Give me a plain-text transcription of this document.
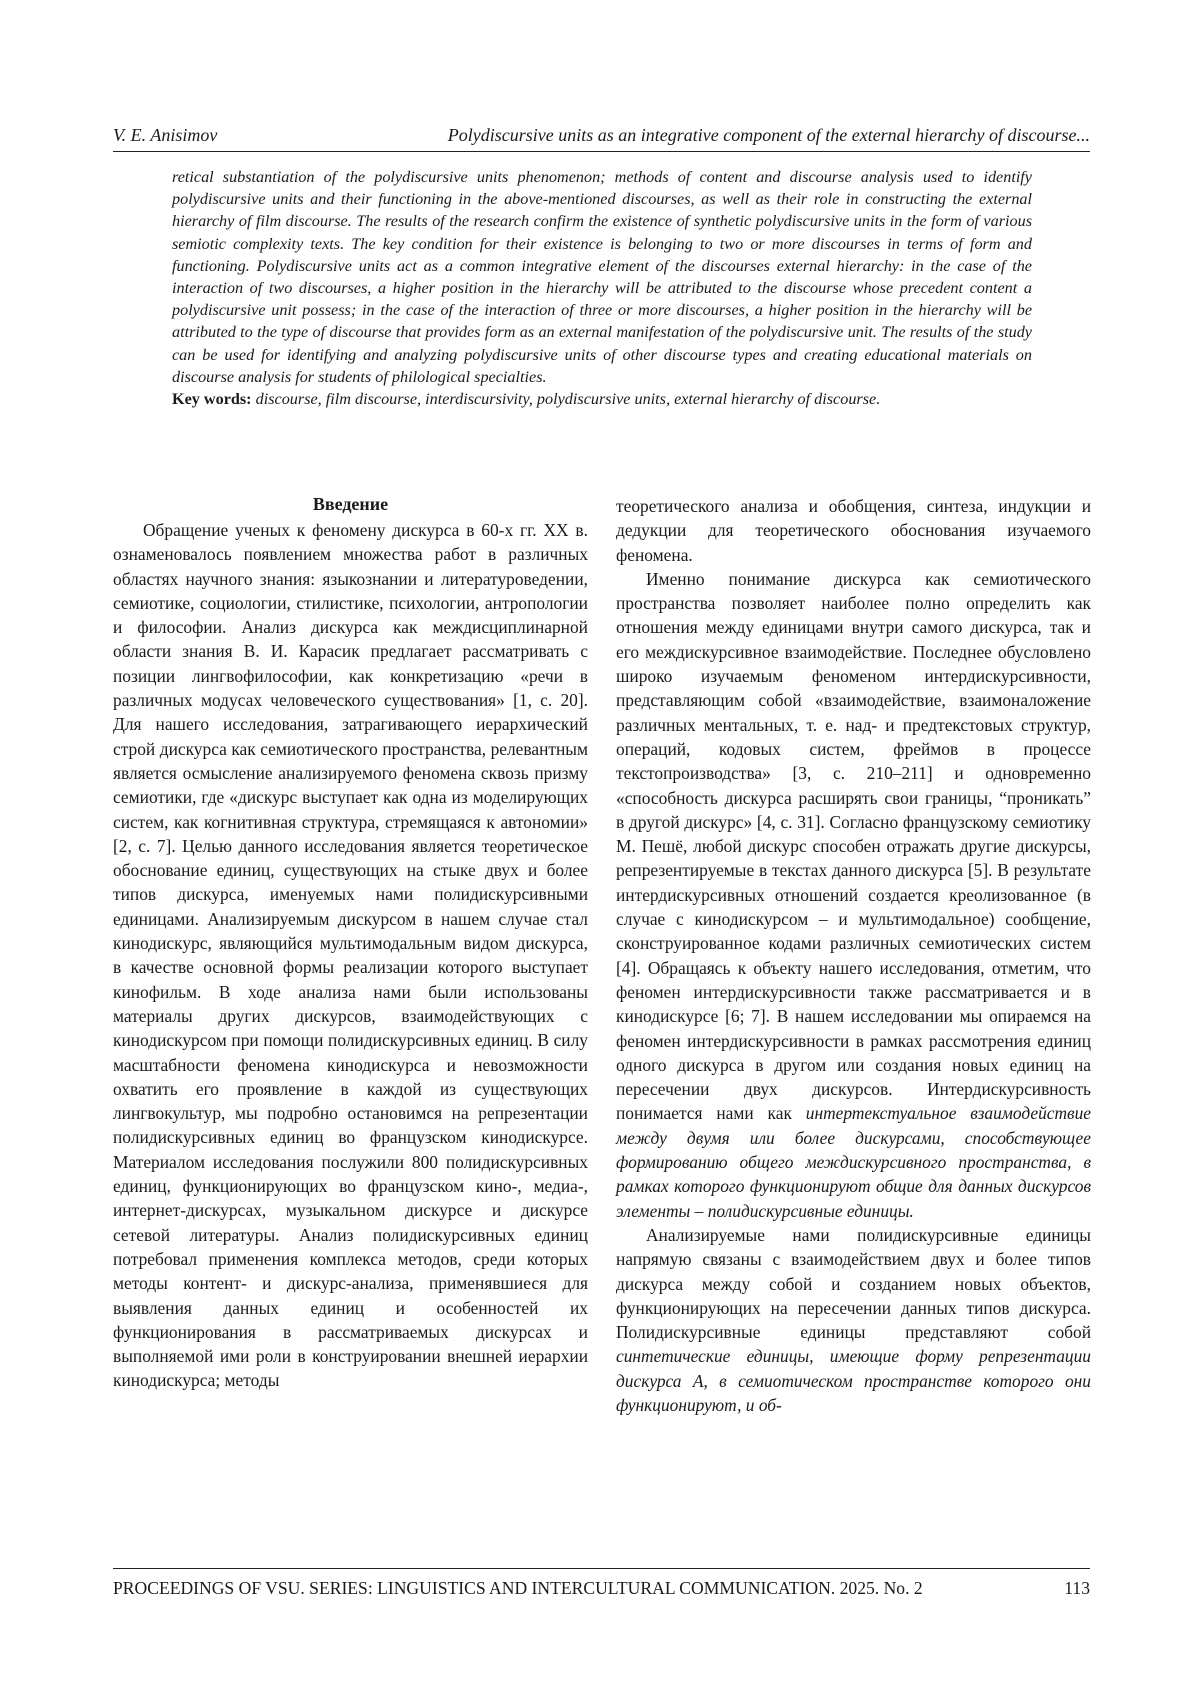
V. E. Anisimov	Polydiscursive units as an integrative component of the external hierarchy of discourse...
retical substantiation of the polydiscursive units phenomenon; methods of content and discourse analysis used to identify polydiscursive units and their functioning in the above-mentioned discourses, as well as their role in constructing the external hierarchy of film discourse. The results of the research confirm the existence of synthetic polydiscursive units in the form of various semiotic complexity texts. The key condition for their existence is belonging to two or more discourses in terms of form and functioning. Polydiscursive units act as a common integrative element of the discourses external hierarchy: in the case of the interaction of two discourses, a higher position in the hierarchy will be attributed to the discourse whose precedent content a polydiscursive unit possess; in the case of the interaction of three or more discourses, a higher position in the hierarchy will be attributed to the type of discourse that provides form as an external manifestation of the polydiscursive unit. The results of the study can be used for identifying and analyzing polydiscursive units of other discourse types and creating educational materials on discourse analysis for students of philological specialties.
Key words: discourse, film discourse, interdiscursivity, polydiscursive units, external hierarchy of discourse.
Введение

Обращение ученых к феномену дискурса в 60-х гг. XX в. ознаменовалось появлением множества работ в различных областях научного знания: языкознании и литературоведении, семиотике, социологии, стилистике, психологии, антропологии и философии. Анализ дискурса как междисциплинарной области знания В. И. Карасик предлагает рассматривать с позиции лингвофилософии, как конкретизацию «речи в различных модусах человеческого существования» [1, с. 20]. Для нашего исследования, затрагивающего иерархический строй дискурса как семиотического пространства, релевантным является осмысление анализируемого феномена сквозь призму семиотики, где «дискурс выступает как одна из моделирующих систем, как когнитивная структура, стремящаяся к автономии» [2, с. 7]. Целью данного исследования является теоретическое обоснование единиц, существующих на стыке двух и более типов дискурса, именуемых нами полидискурсивными единицами. Анализируемым дискурсом в нашем случае стал кинодискурс, являющийся мультимодальным видом дискурса, в качестве основной формы реализации которого выступает кинофильм. В ходе анализа нами были использованы материалы других дискурсов, взаимодействующих с кинодискурсом при помощи полидискурсивных единиц. В силу масштабности феномена кинодискурса и невозможности охватить его проявление в каждой из существующих лингвокультур, мы подробно остановимся на репрезентации полидискурсивных единиц во французском кинодискурсе. Материалом исследования послужили 800 полидискурсивных единиц, функционирующих во французском кино-, медиа-, интернет-дискурсах, музыкальном дискурсе и дискурсе сетевой литературы. Анализ полидискурсивных единиц потребовал применения комплекса методов, среди которых методы контент- и дискурс-анализа, применявшиеся для выявления данных единиц и особенностей их функционирования в рассматриваемых дискурсах и выполняемой ими роли в конструировании внешней иерархии кинодискурса; методы

теоретического анализа и обобщения, синтеза, индукции и дедукции для теоретического обоснования изучаемого феномена.

Именно понимание дискурса как семиотического пространства позволяет наиболее полно определить как отношения между единицами внутри самого дискурса, так и его междискурсивное взаимодействие. Последнее обусловлено широко изучаемым феноменом интердискурсивности, представляющим собой «взаимодействие, взаимоналожение различных ментальных, т. е. над- и предтекстовых структур, операций, кодовых систем, фреймов в процессе текстопроизводства» [3, с. 210–211] и одновременно «способность дискурса расширять свои границы, “проникать” в другой дискурс» [4, с. 31]. Согласно французскому семиотику М. Пешё, любой дискурс способен отражать другие дискурсы, репрезентируемые в текстах данного дискурса [5]. В результате интердискурсивных отношений создается креолизованное (в случае с кинодискурсом – и мультимодальное) сообщение, сконструированное кодами различных семиотических систем [4]. Обращаясь к объекту нашего исследования, отметим, что феномен интердискурсивности также рассматривается и в кинодискурсе [6; 7]. В нашем исследовании мы опираемся на феномен интердискурсивности в рамках рассмотрения единиц одного дискурса в другом или создания новых единиц на пересечении двух дискурсов. Интердискурсивность понимается нами как интертекстуальное взаимодействие между двумя или более дискурсами, способствующее формированию общего междискурсивного пространства, в рамках которого функционируют общие для данных дискурсов элементы – полидискурсивные единицы.

Анализируемые нами полидискурсивные единицы напрямую связаны с взаимодействием двух и более типов дискурса между собой и созданием новых объектов, функционирующих на пересечении данных типов дискурса. Полидискурсивные единицы представляют собой синтетические единицы, имеющие форму репрезентации дискурса А, в семиотическом пространстве которого они функционируют, и об-

PROCEEDINGS OF VSU. SERIES: LINGUISTICS AND INTERCULTURAL COMMUNICATION. 2025. No. 2	113
